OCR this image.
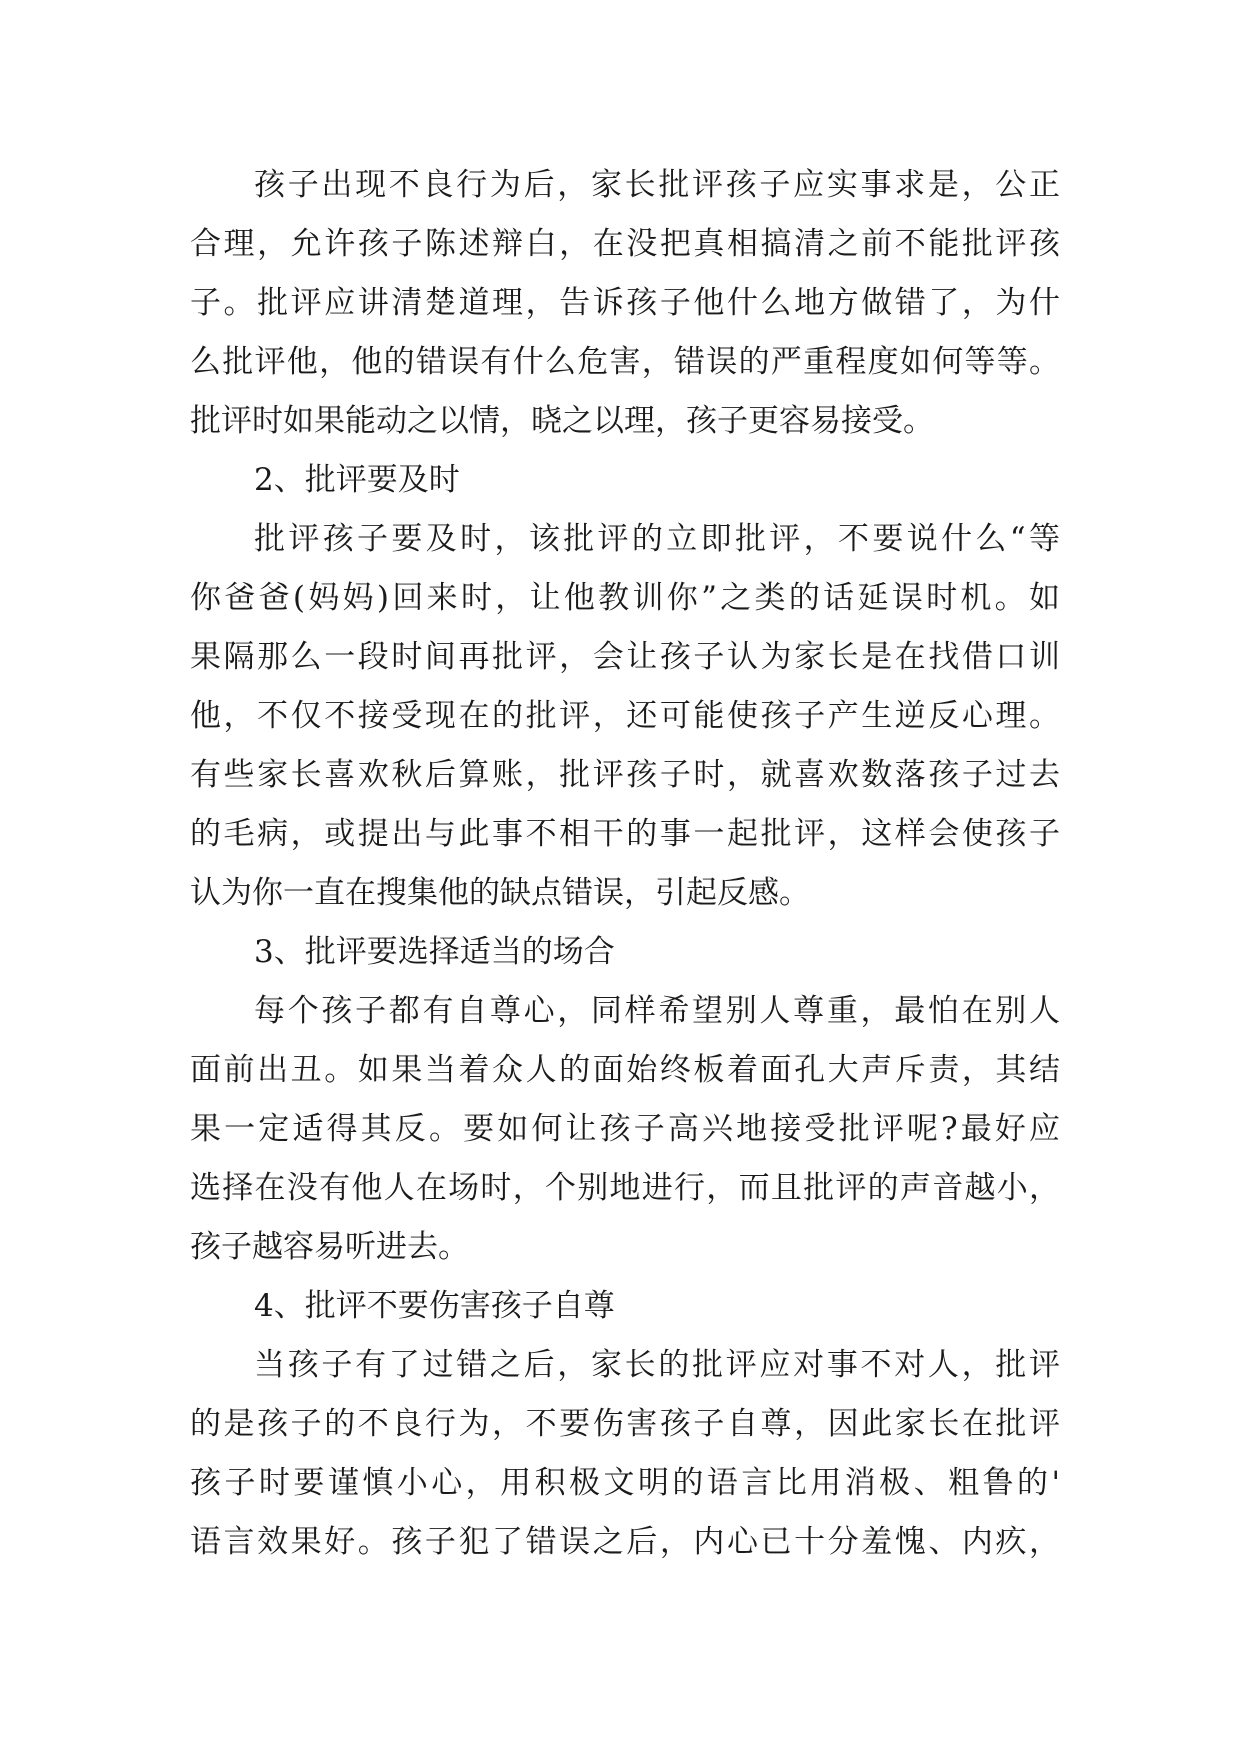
孩子出现不良行为后，家长批评孩子应实事求是，公正
合理，允许孩子陈述辩白，在没把真相搞清之前不能批评孩
子。批评应讲清楚道理，告诉孩子他什么地方做错了，为什
么批评他，他的错误有什么危害，错误的严重程度如何等等。
批评时如果能动之以情，晓之以理，孩子更容易接受。
2、批评要及时
批评孩子要及时，该批评的立即批评，不要说什么“等
你爸爸(妈妈)回来时，让他教训你”之类的话延误时机。如
果隔那么一段时间再批评，会让孩子认为家长是在找借口训
他，不仅不接受现在的批评，还可能使孩子产生逆反心理。
有些家长喜欢秋后算账，批评孩子时，就喜欢数落孩子过去
的毛病，或提出与此事不相干的事一起批评，这样会使孩子
认为你一直在搜集他的缺点错误，引起反感。
3、批评要选择适当的场合
每个孩子都有自尊心，同样希望别人尊重，最怕在别人
面前出丑。如果当着众人的面始终板着面孔大声斥责，其结
果一定适得其反。要如何让孩子高兴地接受批评呢?最好应
选择在没有他人在场时，个别地进行，而且批评的声音越小，
孩子越容易听进去。
4、批评不要伤害孩子自尊
当孩子有了过错之后，家长的批评应对事不对人，批评
的是孩子的不良行为，不要伤害孩子自尊，因此家长在批评
孩子时要谨慎小心，用积极文明的语言比用消极、粗鲁的'
语言效果好。孩子犯了错误之后，内心已十分羞愧、内疚，
